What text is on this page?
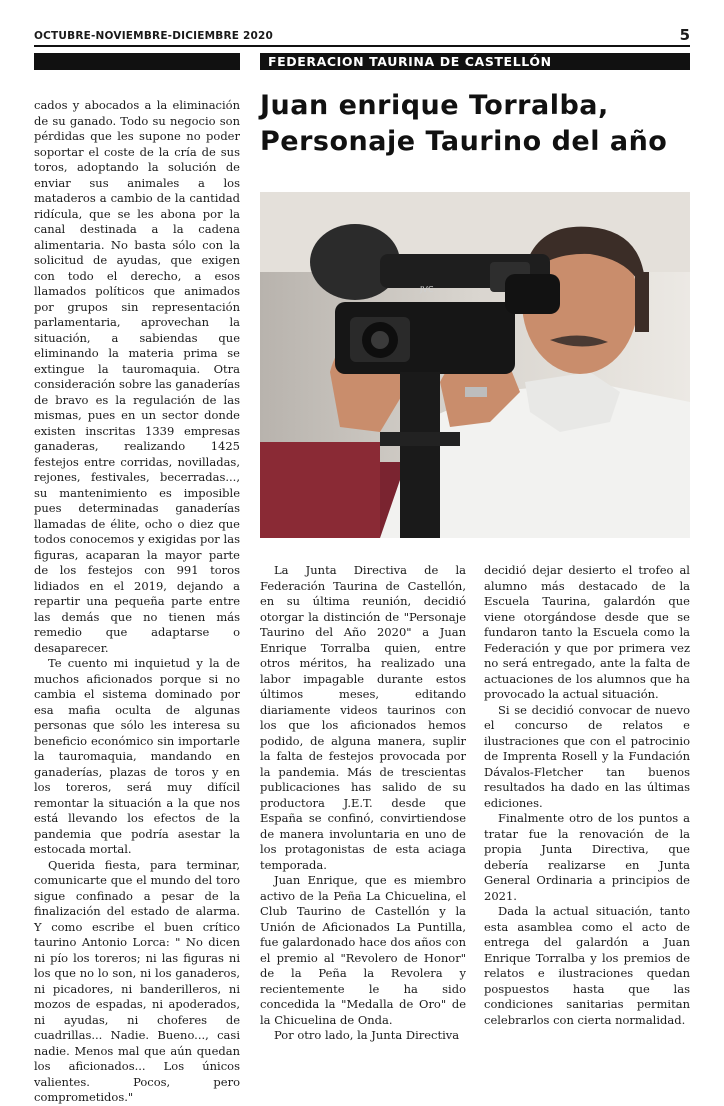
OCTUBRE-NOVIEMBRE-DICIEMBRE 2020	5
FEDERACION TAURINA DE CASTELLÓN
Juan enrique Torralba,
Personaje Taurino del año
JVC

cados y abocados a la eliminación de su ganado. Todo su negocio son pérdidas que les supone no poder soportar el coste de la cría de sus toros, adoptando la solución de enviar sus animales a los mataderos a cambio de la cantidad ridícula, que se les abona por la canal destinada a la cadena alimentaria. No basta sólo con la solicitud de ayudas, que exigen con todo el derecho, a esos llamados políticos que animados por grupos sin representación parlamentaria, aprovechan la situación, a sabiendas que eliminando la materia prima se extingue la tauromaquia. Otra consideración sobre las ganaderías de bravo es la regulación de las mismas, pues en un sector donde existen inscritas 1339 empresas ganaderas, realizando 1425 festejos entre corridas, novilladas, rejones, festivales, becerradas..., su mantenimiento es imposible pues determinadas ganaderías llamadas de élite, ocho o diez que todos conocemos y exigidas por las figuras, acaparan la mayor parte de los festejos con 991 toros lidiados en el 2019, dejando a repartir una pequeña parte entre las demás que no tienen más remedio que adaptarse o desaparecer.

Te cuento mi inquietud y la de muchos aficionados porque si no cambia el sistema dominado por esa mafia oculta de algunas personas que sólo les interesa su beneficio económico sin importarle la tauromaquia, mandando en ganaderías, plazas de toros y en los toreros, será muy difícil remontar la situación a la que nos está llevando los efectos de la pandemia que podría asestar la estocada mortal.

Querida fiesta, para terminar, comunicarte que el mundo del toro sigue confinado a pesar de la finalización del estado de alarma. Y como escribe el buen crítico taurino Antonio Lorca: " No dicen ni pío los toreros; ni las figuras ni los que no lo son, ni los ganaderos, ni picadores, ni banderilleros, ni mozos de espadas, ni apoderados, ni ayudas, ni choferes de cuadrillas... Nadie. Bueno..., casi nadie. Menos mal que aún quedan los aficionados... Los únicos valientes. Pocos, pero comprometidos."

La Junta Directiva de la Federación Taurina de Castellón, en su última reunión, decidió otorgar la distinción de "Personaje Taurino del Año 2020" a Juan Enrique Torralba quien, entre otros méritos, ha realizado una labor impagable durante estos últimos meses, editando diariamente videos taurinos con los que los aficionados hemos podido, de alguna manera, suplir la falta de festejos provocada por la pandemia. Más de trescientas publicaciones has salido de su productora J.E.T. desde que España se confinó, convirtiendose de manera involuntaria en uno de los protagonistas de esta aciaga temporada.

Juan Enrique, que es miembro activo de la Peña La Chicuelina, el Club Taurino de Castellón y la Unión de Aficionados La Puntilla, fue galardonado hace dos años con el premio al "Revolero de Honor" de la Peña la Revolera y recientemente le ha sido concedida la "Medalla de Oro" de la Chicuelina de Onda.

Por otro lado, la Junta Directiva

decidió dejar desierto el trofeo al alumno más destacado de la Escuela Taurina, galardón que viene otorgándose desde que se fundaron tanto la Escuela como la Federación y que por primera vez no será entregado, ante la falta de actuaciones de los alumnos que ha provocado la actual situación.

Si se decidió convocar de nuevo el concurso de relatos e ilustraciones que con el patrocinio de Imprenta Rosell y la Fundación Dávalos-Fletcher tan buenos resultados ha dado en las últimas ediciones.

Finalmente otro de los puntos a tratar fue la renovación de la propia Junta Directiva, que debería realizarse en Junta General Ordinaria a principios de 2021.

Dada la actual situación, tanto esta asamblea como el acto de entrega del galardón a Juan Enrique Torralba y los premios de relatos e ilustraciones quedan pospuestos hasta que las condiciones sanitarias permitan celebrarlos con cierta normalidad.
